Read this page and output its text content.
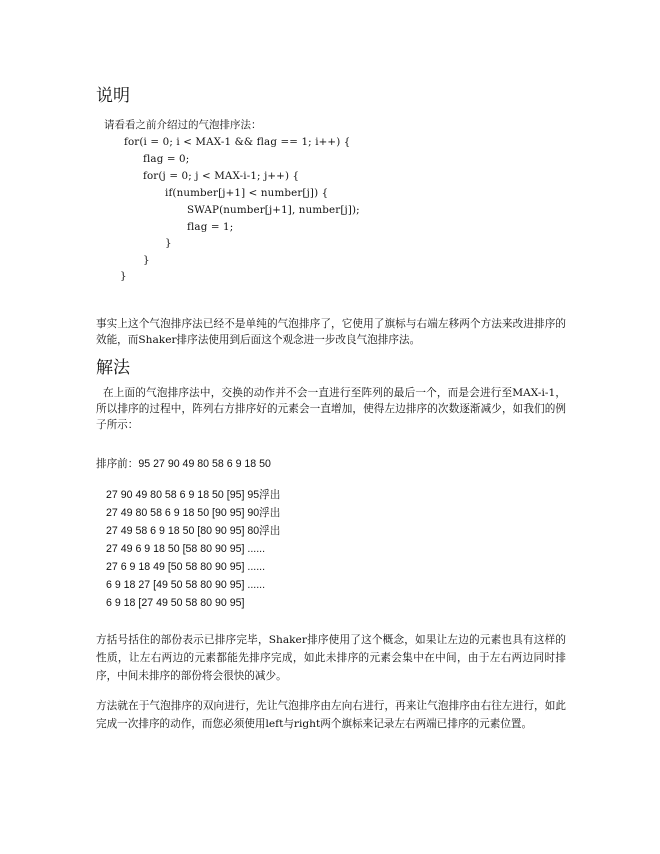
说明
请看看之前介绍过的气泡排序法：
for(i = 0; i < MAX-1 && flag == 1; i++) {
flag = 0;
for(j = 0; j < MAX-i-1; j++) {
if(number[j+1] < number[j]) {
SWAP(number[j+1], number[j]);
flag = 1;
}
}
}

事实上这个气泡排序法已经不是单纯的气泡排序了，它使用了旗标与右端左移两个方法来改进排序的效能，而Shaker排序法使用到后面这个观念进一步改良气泡排序法。

解法

在上面的气泡排序法中，交换的动作并不会一直进行至阵列的最后一个，而是会进行至MAX-i-1，所以排序的过程中，阵列右方排序好的元素会一直增加，使得左边排序的次数逐渐减少，如我们的例子所示：

排序前：95 27 90 49 80 58 6 9 18 50
27 90 49 80 58 6 9 18 50 [95] 95浮出
27 49 80 58 6 9 18 50 [90 95] 90浮出
27 49 58 6 9 18 50 [80 90 95] 80浮出
27 49 6 9 18 50 [58 80 90 95] ......
27 6 9 18 49 [50 58 80 90 95] ......
6 9 18 27 [49 50 58 80 90 95] ......
6 9 18 [27 49 50 58 80 90 95]

方括号括住的部份表示已排序完毕，Shaker排序使用了这个概念，如果让左边的元素也具有这样的性质，让左右两边的元素都能先排序完成，如此未排序的元素会集中在中间，由于左右两边同时排序，中间未排序的部份将会很快的减少。

方法就在于气泡排序的双向进行，先让气泡排序由左向右进行，再来让气泡排序由右往左进行，如此完成一次排序的动作，而您必须使用left与right两个旗标来记录左右两端已排序的元素位置。
